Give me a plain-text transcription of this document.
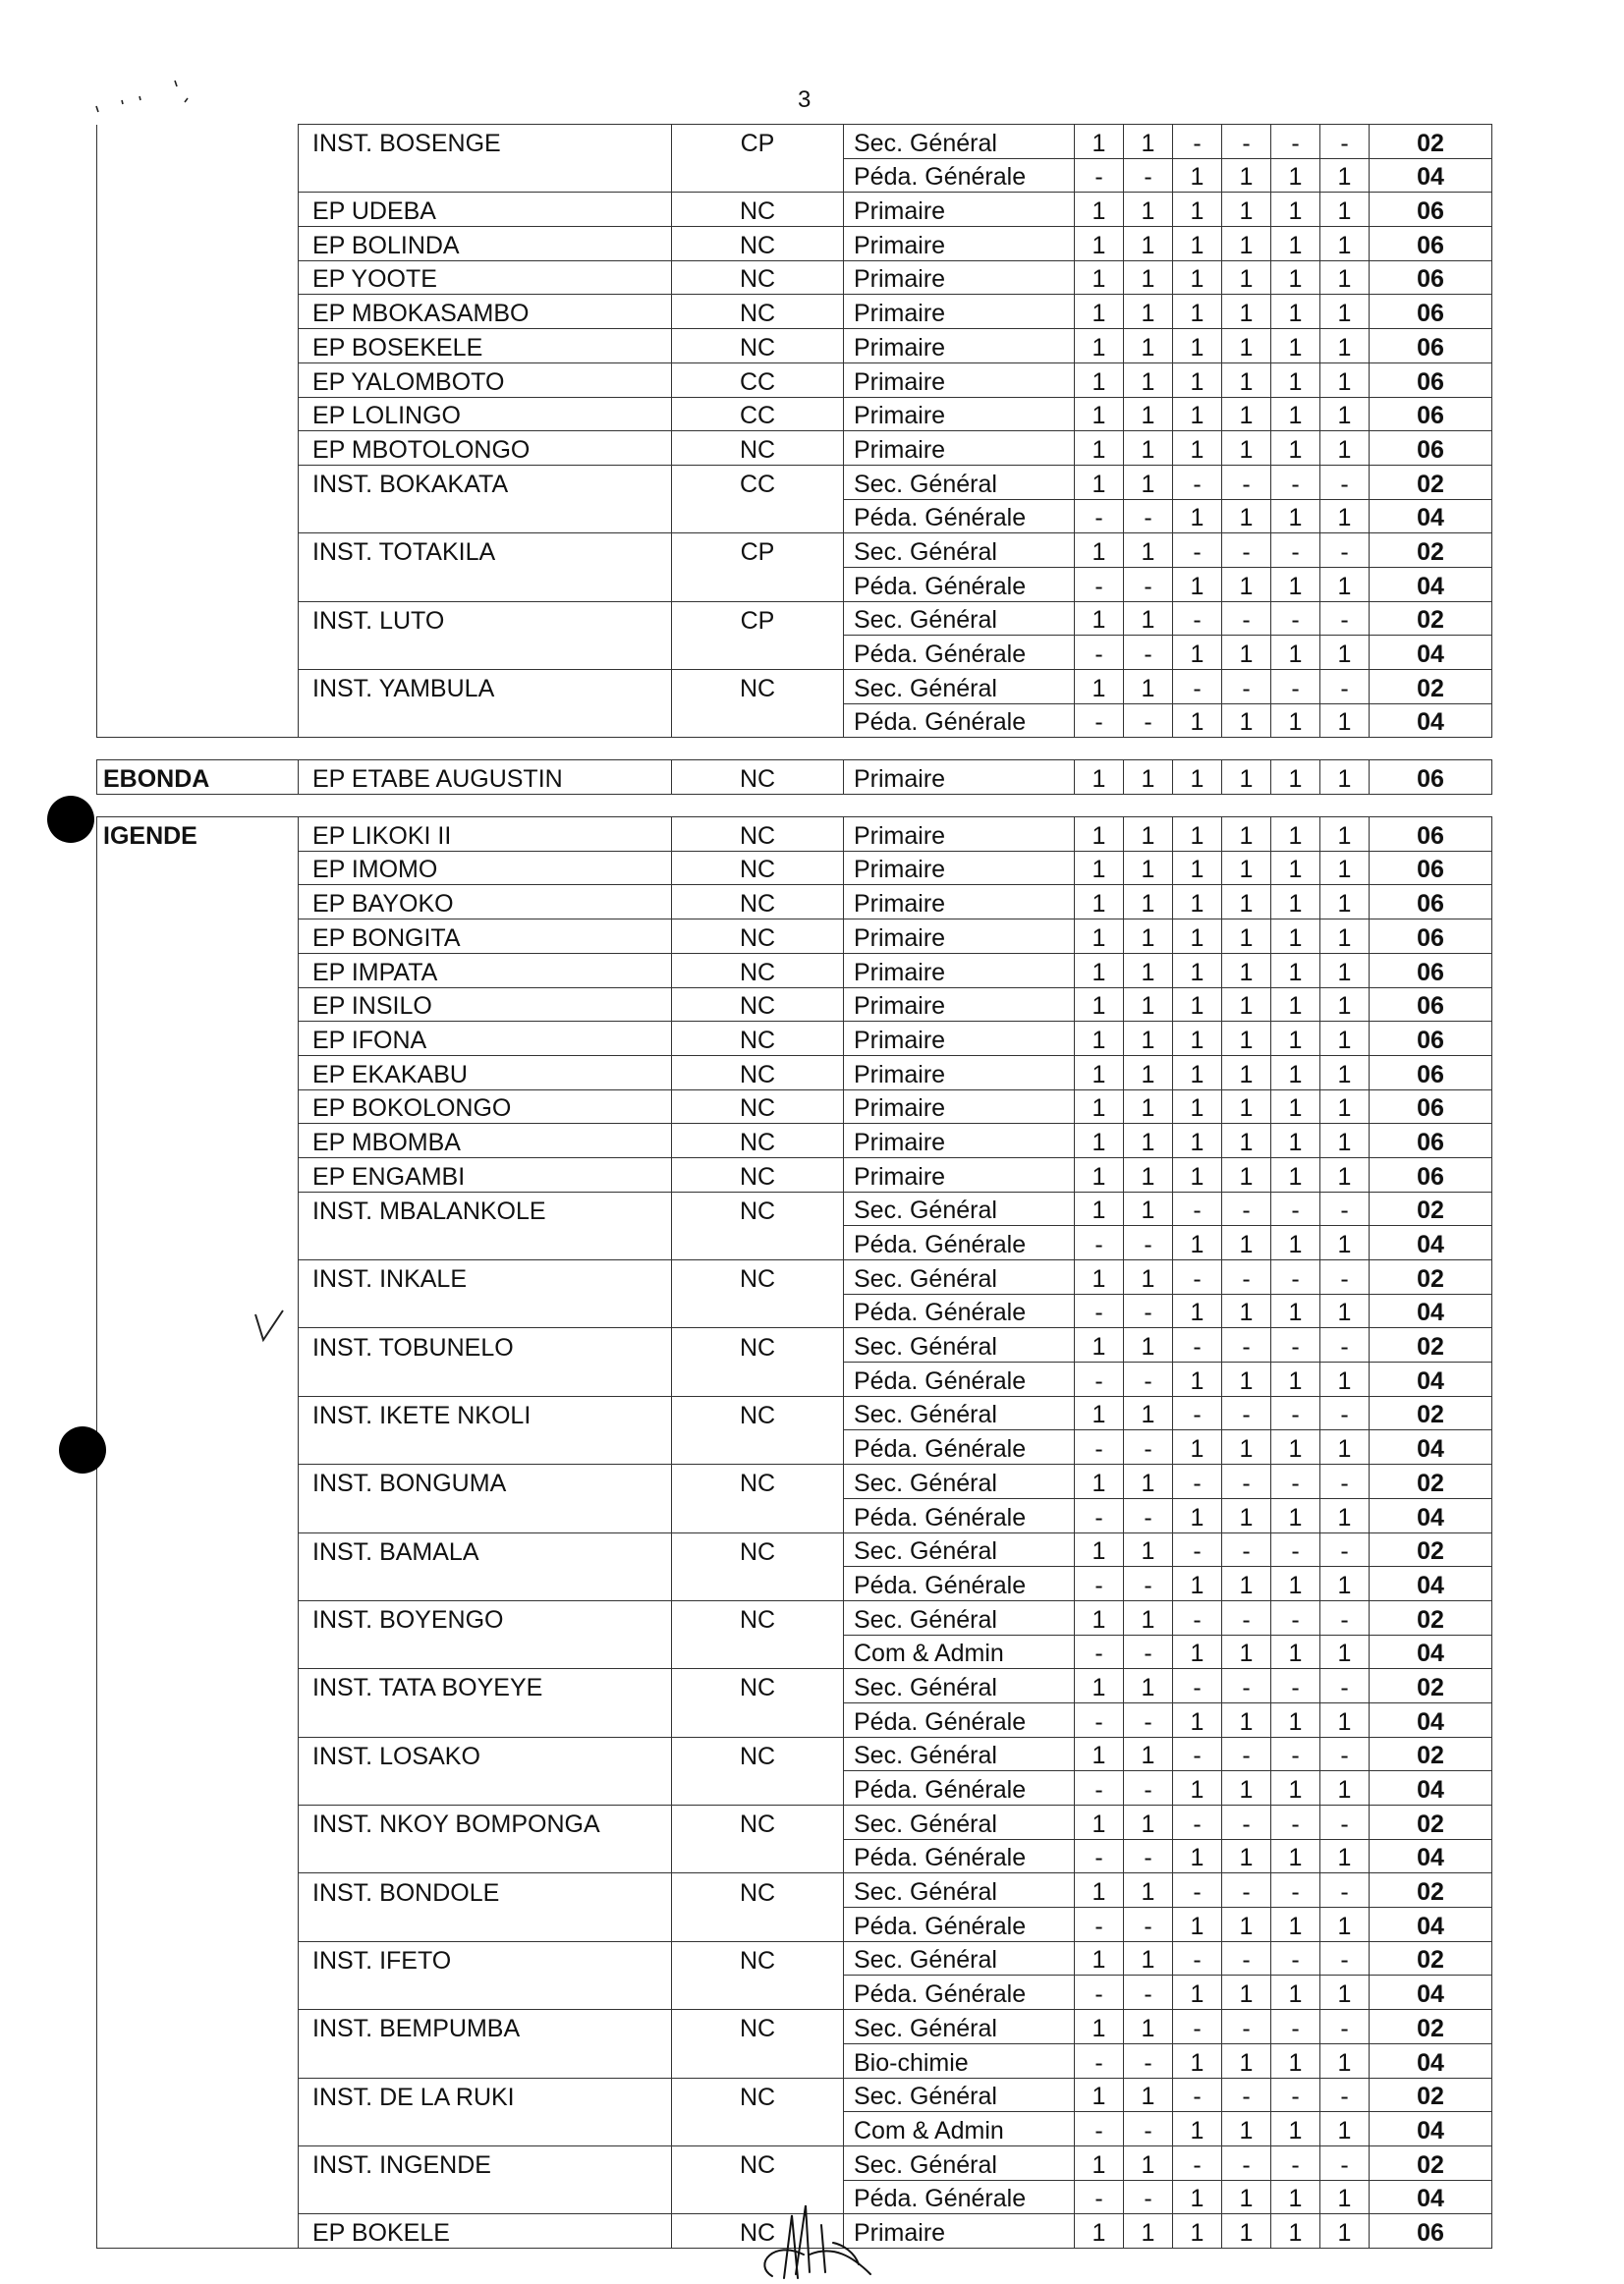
3
	INST. BOSENGE	CP	Sec. Général	1	1	-	-	-	-	02
			Péda. Générale	-	-	1	1	1	1	04
	EP UDEBA	NC	Primaire	1	1	1	1	1	1	06
	EP BOLINDA	NC	Primaire	1	1	1	1	1	1	06
	EP YOOTE	NC	Primaire	1	1	1	1	1	1	06
	EP MBOKASAMBO	NC	Primaire	1	1	1	1	1	1	06
	EP BOSEKELE	NC	Primaire	1	1	1	1	1	1	06
	EP YALOMBOTO	CC	Primaire	1	1	1	1	1	1	06
	EP LOLINGO	CC	Primaire	1	1	1	1	1	1	06
	EP MBOTOLONGO	NC	Primaire	1	1	1	1	1	1	06
	INST. BOKAKATA	CC	Sec. Général	1	1	-	-	-	-	02
			Péda. Générale	-	-	1	1	1	1	04
	INST. TOTAKILA	CP	Sec. Général	1	1	-	-	-	-	02
			Péda. Générale	-	-	1	1	1	1	04
	INST. LUTO	CP	Sec. Général	1	1	-	-	-	-	02
			Péda. Générale	-	-	1	1	1	1	04
	INST. YAMBULA	NC	Sec. Général	1	1	-	-	-	-	02
			Péda. Générale	-	-	1	1	1	1	04

EBONDA	EP ETABE AUGUSTIN	NC	Primaire	1	1	1	1	1	1	06

IGENDE	EP LIKOKI II	NC	Primaire	1	1	1	1	1	1	06
	EP IMOMO	NC	Primaire	1	1	1	1	1	1	06
	EP BAYOKO	NC	Primaire	1	1	1	1	1	1	06
	EP BONGITA	NC	Primaire	1	1	1	1	1	1	06
	EP IMPATA	NC	Primaire	1	1	1	1	1	1	06
	EP INSILO	NC	Primaire	1	1	1	1	1	1	06
	EP IFONA	NC	Primaire	1	1	1	1	1	1	06
	EP EKAKABU	NC	Primaire	1	1	1	1	1	1	06
	EP BOKOLONGO	NC	Primaire	1	1	1	1	1	1	06
	EP MBOMBA	NC	Primaire	1	1	1	1	1	1	06
	EP ENGAMBI	NC	Primaire	1	1	1	1	1	1	06
	INST. MBALANKOLE	NC	Sec. Général	1	1	-	-	-	-	02
			Péda. Générale	-	-	1	1	1	1	04
	INST. INKALE	NC	Sec. Général	1	1	-	-	-	-	02
			Péda. Générale	-	-	1	1	1	1	04
	INST. TOBUNELO	NC	Sec. Général	1	1	-	-	-	-	02
			Péda. Générale	-	-	1	1	1	1	04
	INST. IKETE NKOLI	NC	Sec. Général	1	1	-	-	-	-	02
			Péda. Générale	-	-	1	1	1	1	04
	INST. BONGUMA	NC	Sec. Général	1	1	-	-	-	-	02
			Péda. Générale	-	-	1	1	1	1	04
	INST. BAMALA	NC	Sec. Général	1	1	-	-	-	-	02
			Péda. Générale	-	-	1	1	1	1	04
	INST. BOYENGO	NC	Sec. Général	1	1	-	-	-	-	02
			Com & Admin	-	-	1	1	1	1	04
	INST. TATA BOYEYE	NC	Sec. Général	1	1	-	-	-	-	02
			Péda. Générale	-	-	1	1	1	1	04
	INST. LOSAKO	NC	Sec. Général	1	1	-	-	-	-	02
			Péda. Générale	-	-	1	1	1	1	04
	INST. NKOY BOMPONGA	NC	Sec. Général	1	1	-	-	-	-	02
			Péda. Générale	-	-	1	1	1	1	04
	INST. BONDOLE	NC	Sec. Général	1	1	-	-	-	-	02
			Péda. Générale	-	-	1	1	1	1	04
	INST. IFETO	NC	Sec. Général	1	1	-	-	-	-	02
			Péda. Générale	-	-	1	1	1	1	04
	INST. BEMPUMBA	NC	Sec. Général	1	1	-	-	-	-	02
			Bio-chimie	-	-	1	1	1	1	04
	INST. DE LA RUKI	NC	Sec. Général	1	1	-	-	-	-	02
			Com & Admin	-	-	1	1	1	1	04
	INST. INGENDE	NC	Sec. Général	1	1	-	-	-	-	02
			Péda. Générale	-	-	1	1	1	1	04
	EP BOKELE	NC	Primaire	1	1	1	1	1	1	06
